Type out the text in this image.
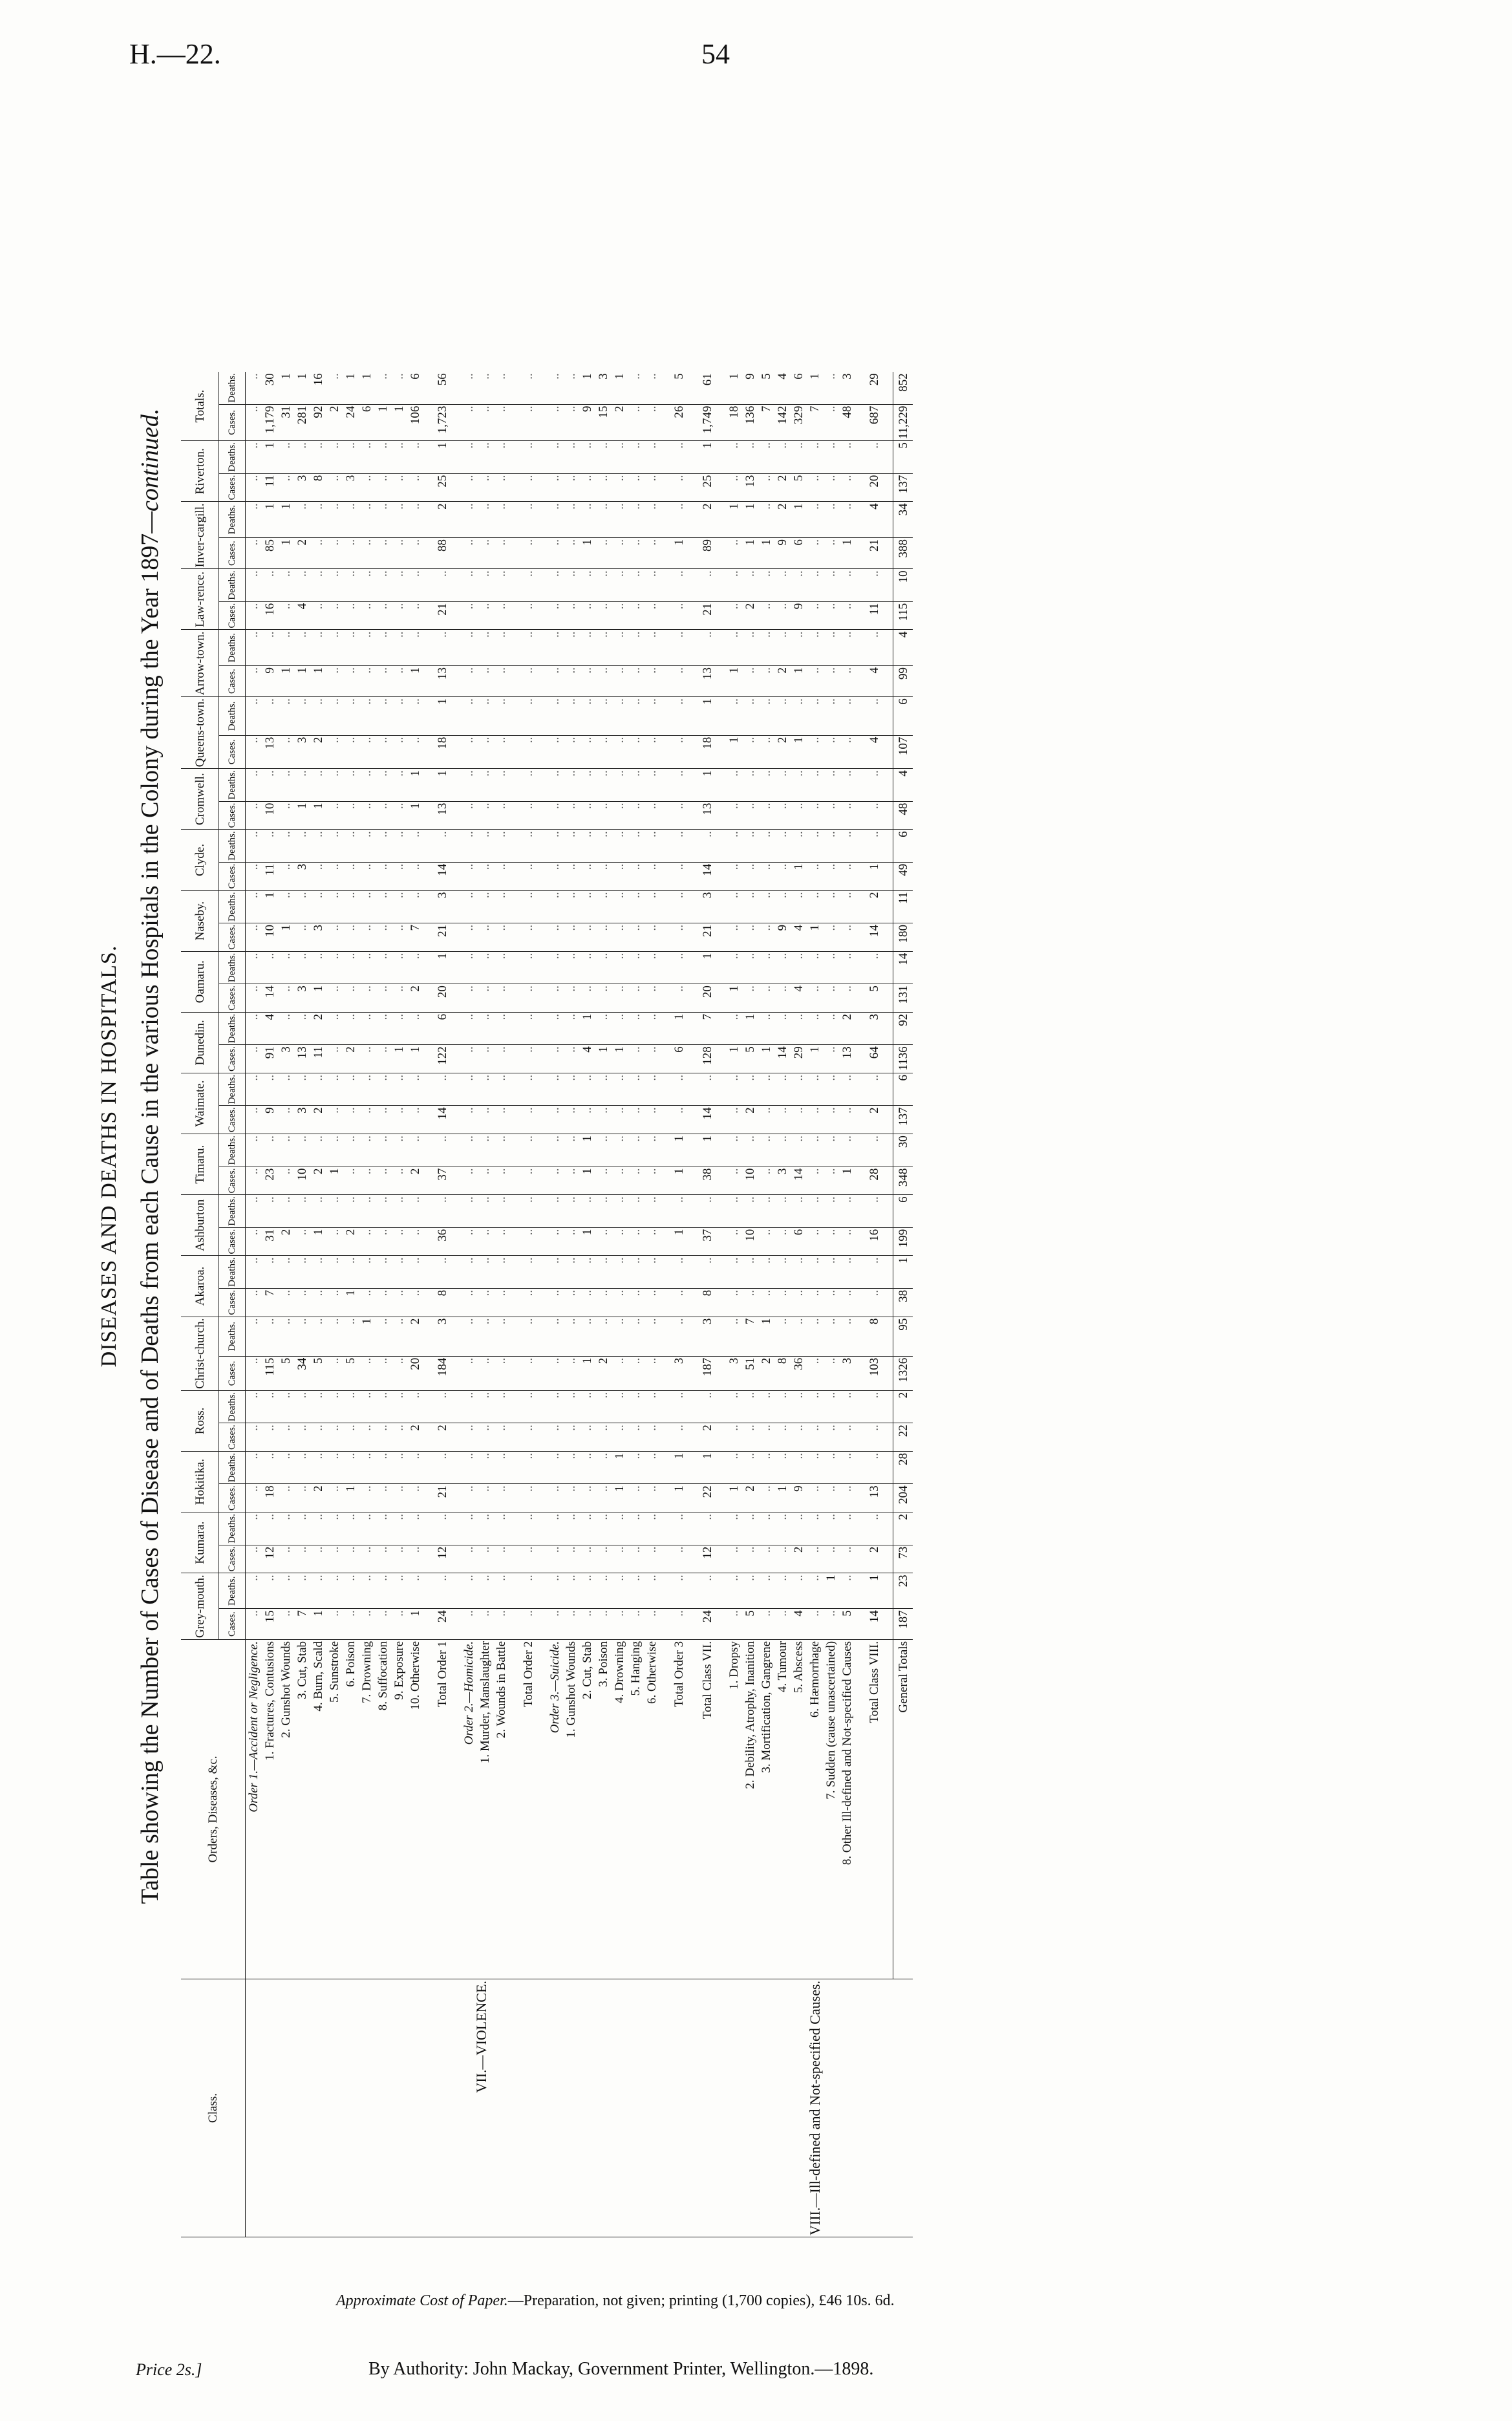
H.—22.	54
DISEASES AND DEATHS IN HOSPITALS. Table showing the Number of Cases of Disease and of Deaths from each Cause in the various Hospitals in the Colony during the Year 1897—continued.
Class.	Orders, Diseases, &c.	Grey-mouth.		Kumara.		Hokitika.		Ross.		Christ-church.		Akaroa.		Ashburton		Timaru.		Waimate.		Dunedin.		Oamaru.		Naseby.		Clyde.		Cromwell.		Queens-town.		Arrow-town.		Law-rence.		Inver-cargill.		Riverton.		Totals.	
		Cases.	Deaths.	Cases.	Deaths.	Cases.	Deaths.	Cases.	Deaths.	Cases.	Deaths.	Cases.	Deaths.	Cases.	Deaths.	Cases.	Deaths.	Cases.	Deaths.	Cases.	Deaths.	Cases.	Deaths.	Cases.	Deaths.	Cases.	Deaths.	Cases.	Deaths.	Cases.	Deaths.	Cases.	Deaths.	Cases.	Deaths.	Cases.	Deaths.	Cases.	Deaths.	Cases.	Deaths.
VII.—VIOLENCE.	Order 1.—Accident or Negligence.	..	..	..	..	..	..	..	..	..	..	..	..	..	..	..	..	..	..	..	..	..	..	..	..	..	..	..	..	..	..	..	..	..	..	..	..	..	..	..	..
	1. Fractures, Contusions	15	..	12	..	18	..	..	..	115	..	7	..	31	..	23	..	9	..	91	4	14	..	10	1	11	..	10	..	13	..	9	..	16	..	85	1	11	1	1,179	30
	2. Gunshot Wounds	..	..	..	..	..	..	..	..	5	..	..	..	2	..	..	..	..	..	3	..	..	..	1	..	..	..	..	..	..	..	1	..	..	..	1	1	..	..	31	1
	3. Cut, Stab	7	..	..	..	..	..	..	..	34	..	..	..	..	..	10	..	3	..	13	..	3	..	..	..	3	..	1	..	3	..	1	..	4	..	2	..	3	..	281	1
	4. Burn, Scald	1	..	..	..	2	..	..	..	5	..	..	..	1	..	2	..	2	..	11	2	1	..	3	..	..	..	1	..	2	..	1	..	..	..	..	..	8	..	92	16
	5. Sunstroke	..	..	..	..	..	..	..	..	..	..	..	..	..	..	1	..	..	..	..	..	..	..	..	..	..	..	..	..	..	..	..	..	..	..	..	..	..	..	2	..
	6. Poison	..	..	..	..	1	..	..	..	5	..	1	..	2	..	..	..	..	..	2	..	..	..	..	..	..	..	..	..	..	..	..	..	..	..	..	..	3	..	24	1
	7. Drowning	..	..	..	..	..	..	..	..	..	1	..	..	..	..	..	..	..	..	..	..	..	..	..	..	..	..	..	..	..	..	..	..	..	..	..	..	..	..	6	1
	8. Suffocation	..	..	..	..	..	..	..	..	..	..	..	..	..	..	..	..	..	..	..	..	..	..	..	..	..	..	..	..	..	..	..	..	..	..	..	..	..	..	1	..
	9. Exposure	..	..	..	..	..	..	..	..	..	..	..	..	..	..	..	..	..	..	1	..	..	..	..	..	..	..	..	..	..	..	..	..	..	..	..	..	..	..	1	..
	10. Otherwise	1	..	..	..	..	..	2	..	20	2	..	..	..	..	2	..	..	..	1	..	2	..	7	..	..	..	1	1	..	..	1	..	..	..	..	..	..	..	106	6

	Total Order 1	24	..	12	..	21	..	2	..	184	3	8	..	36	..	37	..	14	..	122	6	20	1	21	3	14	..	13	1	18	1	13	..	21	..	88	2	25	1	1,723	56

	Order 2.—Homicide.	..	..	..	..	..	..	..	..	..	..	..	..	..	..	..	..	..	..	..	..	..	..	..	..	..	..	..	..	..	..	..	..	..	..	..	..	..	..	..	..
	1. Murder, Manslaughter	..	..	..	..	..	..	..	..	..	..	..	..	..	..	..	..	..	..	..	..	..	..	..	..	..	..	..	..	..	..	..	..	..	..	..	..	..	..	..	..
	2. Wounds in Battle	..	..	..	..	..	..	..	..	..	..	..	..	..	..	..	..	..	..	..	..	..	..	..	..	..	..	..	..	..	..	..	..	..	..	..	..	..	..	..	..

	Total Order 2	..	..	..	..	..	..	..	..	..	..	..	..	..	..	..	..	..	..	..	..	..	..	..	..	..	..	..	..	..	..	..	..	..	..	..	..	..	..	..	..

	Order 3.—Suicide.	..	..	..	..	..	..	..	..	..	..	..	..	..	..	..	..	..	..	..	..	..	..	..	..	..	..	..	..	..	..	..	..	..	..	..	..	..	..	..	..
	1. Gunshot Wounds	..	..	..	..	..	..	..	..	..	..	..	..	..	..	..	..	..	..	..	..	..	..	..	..	..	..	..	..	..	..	..	..	..	..	..	..	..	..	..	..
	2. Cut, Stab	..	..	..	..	..	..	..	..	1	..	..	..	1	..	1	1	..	..	4	1	..	..	..	..	..	..	..	..	..	..	..	..	..	..	1	..	..	..	9	1
	3. Poison	..	..	..	..	..	..	..	..	2	..	..	..	..	..	..	..	..	..	1	..	..	..	..	..	..	..	..	..	..	..	..	..	..	..	..	..	..	..	15	3
	4. Drowning	..	..	..	..	1	1	..	..	..	..	..	..	..	..	..	..	..	..	1	..	..	..	..	..	..	..	..	..	..	..	..	..	..	..	..	..	..	..	2	1
	5. Hanging	..	..	..	..	..	..	..	..	..	..	..	..	..	..	..	..	..	..	..	..	..	..	..	..	..	..	..	..	..	..	..	..	..	..	..	..	..	..	..	..
	6. Otherwise	..	..	..	..	..	..	..	..	..	..	..	..	..	..	..	..	..	..	..	..	..	..	..	..	..	..	..	..	..	..	..	..	..	..	..	..	..	..	..	..

	Total Order 3	..	..	..	..	1	1	..	..	3	..	..	..	1	..	1	1	..	..	6	1	..	..	..	..	..	..	..	..	..	..	..	..	..	..	1	..	..	..	26	5

	Total Class VII.	24	..	12	..	22	1	2	..	187	3	8	..	37	..	38	1	14	..	128	7	20	1	21	3	14	..	13	1	18	1	13	..	21	..	89	2	25	1	1,749	61
VIII.—Ill-defined and Not-specified Causes.																																									
	1. Dropsy	..	..	..	..	1	..	..	..	3	..	..	..	..	..	..	..	..	..	1	..	1	..	..	..	..	..	..	..	1	..	1	..	..	..	..	1	..	..	18	1
	2. Debility, Atrophy, Inanition	5	..	..	..	2	..	..	..	51	7	..	..	10	..	10	..	2	..	5	1	..	..	..	..	..	..	..	..	..	..	..	..	2	..	1	1	13	..	136	9
	3. Mortification, Gangrene	..	..	..	..	..	..	..	..	2	1	..	..	..	..	..	..	..	..	1	..	..	..	..	..	..	..	..	..	..	..	..	..	..	..	1	..	..	..	7	5
	4. Tumour	..	..	..	..	1	..	..	..	8	..	..	..	..	..	3	..	..	..	14	..	..	..	9	..	..	..	..	..	2	..	2	..	..	..	9	2	2	..	142	4
	5. Abscess	4	..	2	..	9	..	..	..	36	..	..	..	6	..	14	..	..	..	29	..	4	..	4	..	1	..	..	..	1	..	1	..	9	..	6	1	5	..	329	6
	6. Hæmorrhage	..	..	..	..	..	..	..	..	..	..	..	..	..	..	..	..	..	..	1	..	..	..	1	..	..	..	..	..	..	..	..	..	..	..	..	..	..	..	7	1
	7. Sudden (cause unascertained)	..	1	..	..	..	..	..	..	..	..	..	..	..	..	..	..	..	..	..	..	..	..	..	..	..	..	..	..	..	..	..	..	..	..	..	..	..	..	..	..
	8. Other Ill-defined and Not-specified Causes	5	..	..	..	..	..	..	..	3	..	..	..	..	..	1	..	..	..	13	2	..	..	..	..	..	..	..	..	..	..	..	..	..	..	1	..	..	..	48	3

	Total Class VIII.	14	1	2	..	13	..	..	..	103	8	..	..	16	..	28	..	2	..	64	3	5	..	14	2	1	..	..	..	4	..	4	..	11	..	21	4	20	..	687	29

	General Totals	187	23	73	2	204	28	22	2	1326	95	38	1	199	6	348	30	137	6	1136	92	131	14	180	11	49	6	48	4	107	6	99	4	115	10	388	34	137	5	11,229	852
Approximate Cost of Paper.—Preparation, not given; printing (1,700 copies), £46 10s. 6d.
Price 2s.]	By Authority: John Mackay, Government Printer, Wellington.—1898.
